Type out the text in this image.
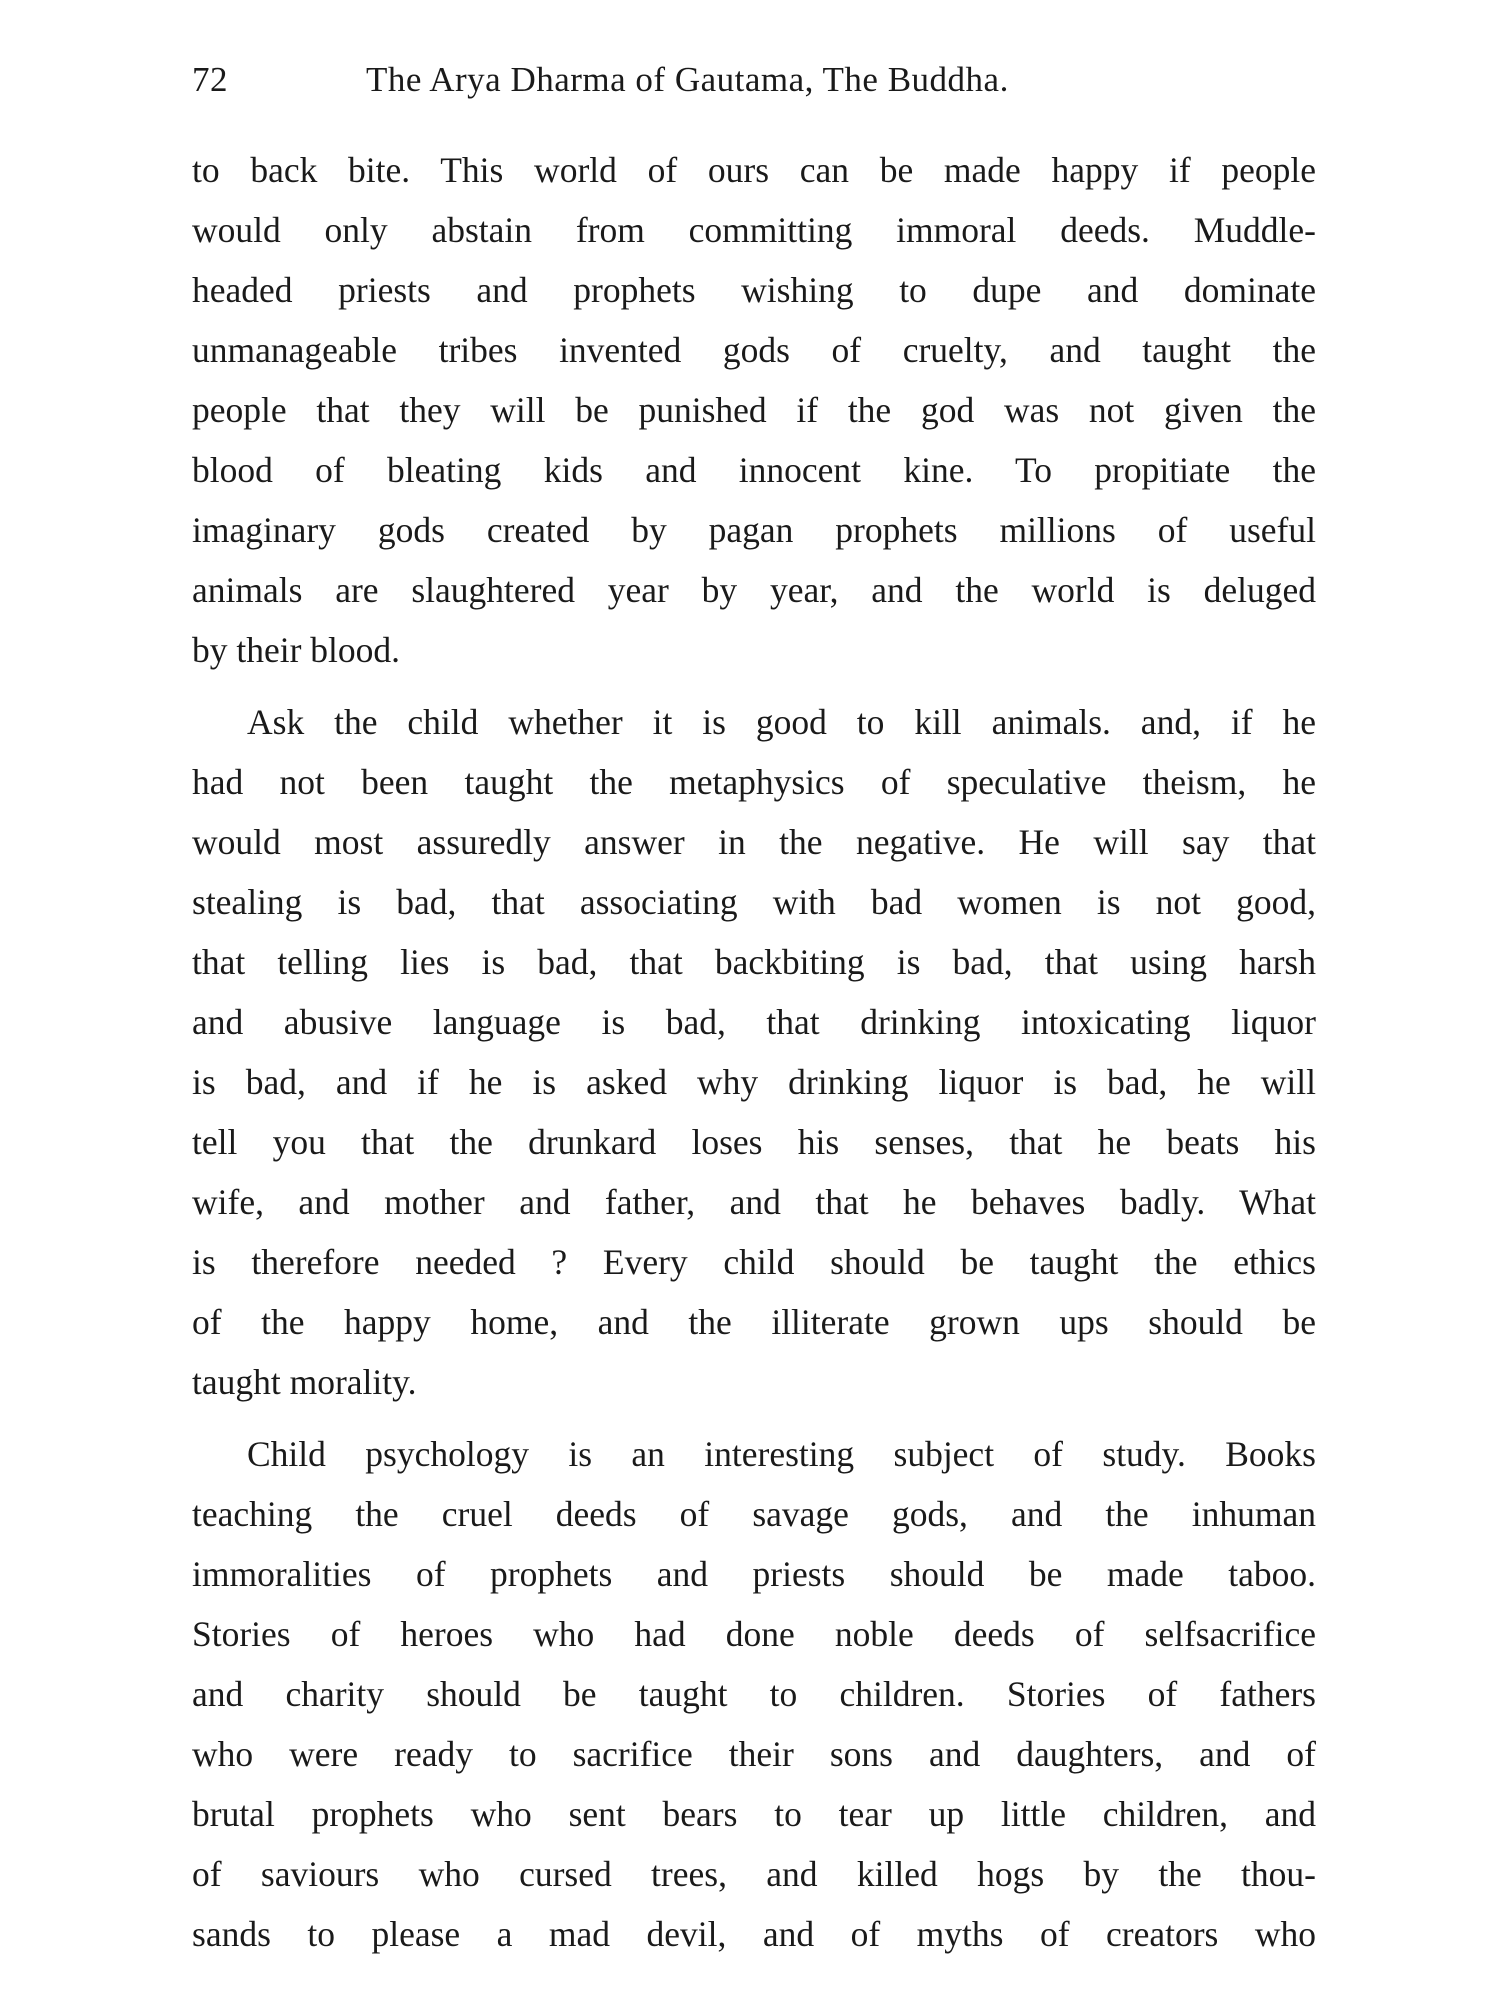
72	The Arya Dharma of Gautama, The Buddha.
to back bite. This world of ours can be made happy if people
would only abstain from committing immoral deeds. Muddle-
headed priests and prophets wishing to dupe and dominate
unmanageable tribes invented gods of cruelty, and taught the
people that they will be punished if the god was not given the
blood of bleating kids and innocent kine. To propitiate the
imaginary gods created by pagan prophets millions of useful
animals are slaughtered year by year, and the world is deluged
by their blood.
Ask the child whether it is good to kill animals. and, if he
had not been taught the metaphysics of speculative theism, he
would most assuredly answer in the negative. He will say that
stealing is bad, that associating with bad women is not good,
that telling lies is bad, that backbiting is bad, that using harsh
and abusive language is bad, that drinking intoxicating liquor
is bad, and if he is asked why drinking liquor is bad, he will
tell you that the drunkard loses his senses, that he beats his
wife, and mother and father, and that he behaves badly. What
is therefore needed ? Every child should be taught the ethics
of the happy home, and the illiterate grown ups should be
taught morality.
Child psychology is an interesting subject of study. Books
teaching the cruel deeds of savage gods, and the inhuman
immoralities of prophets and priests should be made taboo.
Stories of heroes who had done noble deeds of selfsacrifice
and charity should be taught to children. Stories of fathers
who were ready to sacrifice their sons and daughters, and of
brutal prophets who sent bears to tear up little children, and
of saviours who cursed trees, and killed hogs by the thou-
sands to please a mad devil, and of myths of creators who
